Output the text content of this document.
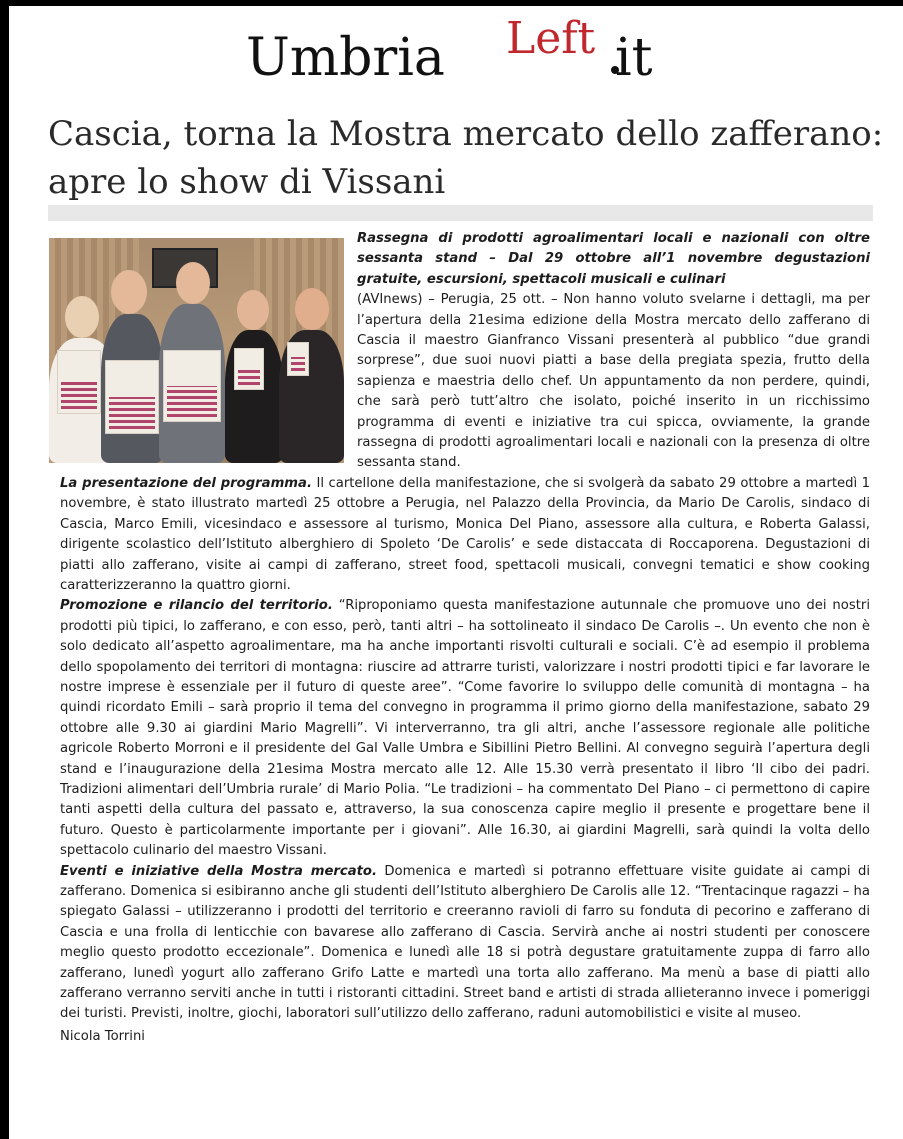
Umbria Left it
Cascia, torna la Mostra mercato dello zafferano: apre lo show di Vissani

Rassegna di prodotti agroalimentari locali e nazionali con oltre sessanta stand – Dal 29 ottobre all’1 novembre degustazioni gratuite, escursioni, spettacoli musicali e culinari

(AVInews) – Perugia, 25 ott. – Non hanno voluto svelarne i dettagli, ma per l’apertura della 21esima edizione della Mostra mercato dello zafferano di Cascia il maestro Gianfranco Vissani presenterà al pubblico “due grandi sorprese”, due suoi nuovi piatti a base della pregiata spezia, frutto della sapienza e maestria dello chef. Un appuntamento da non perdere, quindi, che sarà però tutt’altro che isolato, poiché inserito in un ricchissimo programma di eventi e iniziative tra cui spicca, ovviamente, la grande rassegna di prodotti agroalimentari locali e nazionali con la presenza di oltre sessanta stand.

La presentazione del programma. Il cartellone della manifestazione, che si svolgerà da sabato 29 ottobre a martedì 1 novembre, è stato illustrato martedì 25 ottobre a Perugia, nel Palazzo della Provincia, da Mario De Carolis, sindaco di Cascia, Marco Emili, vicesindaco e assessore al turismo, Monica Del Piano, assessore alla cultura, e Roberta Galassi, dirigente scolastico dell’Istituto alberghiero di Spoleto ‘De Carolis’ e sede distaccata di Roccaporena. Degustazioni di piatti allo zafferano, visite ai campi di zafferano, street food, spettacoli musicali, convegni tematici e show cooking caratterizzeranno la quattro giorni.

Promozione e rilancio del territorio. “Riproponiamo questa manifestazione autunnale che promuove uno dei nostri prodotti più tipici, lo zafferano, e con esso, però, tanti altri – ha sottolineato il sindaco De Carolis –. Un evento che non è solo dedicato all’aspetto agroalimentare, ma ha anche importanti risvolti culturali e sociali. C’è ad esempio il problema dello spopolamento dei territori di montagna: riuscire ad attrarre turisti, valorizzare i nostri prodotti tipici e far lavorare le nostre imprese è essenziale per il futuro di queste aree”. “Come favorire lo sviluppo delle comunità di montagna – ha quindi ricordato Emili – sarà proprio il tema del convegno in programma il primo giorno della manifestazione, sabato 29 ottobre alle 9.30 ai giardini Mario Magrelli”. Vi interverranno, tra gli altri, anche l’assessore regionale alle politiche agricole Roberto Morroni e il presidente del Gal Valle Umbra e Sibillini Pietro Bellini. Al convegno seguirà l’apertura degli stand e l’inaugurazione della 21esima Mostra mercato alle 12. Alle 15.30 verrà presentato il libro ‘Il cibo dei padri. Tradizioni alimentari dell’Umbria rurale’ di Mario Polia. “Le tradizioni – ha commentato Del Piano – ci permettono di capire tanti aspetti della cultura del passato e, attraverso, la sua conoscenza capire meglio il presente e progettare bene il futuro. Questo è particolarmente importante per i giovani”. Alle 16.30, ai giardini Magrelli, sarà quindi la volta dello spettacolo culinario del maestro Vissani.

Eventi e iniziative della Mostra mercato. Domenica e martedì si potranno effettuare visite guidate ai campi di zafferano. Domenica si esibiranno anche gli studenti dell’Istituto alberghiero De Carolis alle 12. “Trentacinque ragazzi – ha spiegato Galassi – utilizzeranno i prodotti del territorio e creeranno ravioli di farro su fonduta di pecorino e zafferano di Cascia e una frolla di lenticchie con bavarese allo zafferano di Cascia. Servirà anche ai nostri studenti per conoscere meglio questo prodotto eccezionale”. Domenica e lunedì alle 18 si potrà degustare gratuitamente zuppa di farro allo zafferano, lunedì yogurt allo zafferano Grifo Latte e martedì una torta allo zafferano. Ma menù a base di piatti allo zafferano verranno serviti anche in tutti i ristoranti cittadini. Street band e artisti di strada allieteranno invece i pomeriggi dei turisti. Previsti, inoltre, giochi, laboratori sull’utilizzo dello zafferano, raduni automobilistici e visite al museo.

Nicola Torrini
